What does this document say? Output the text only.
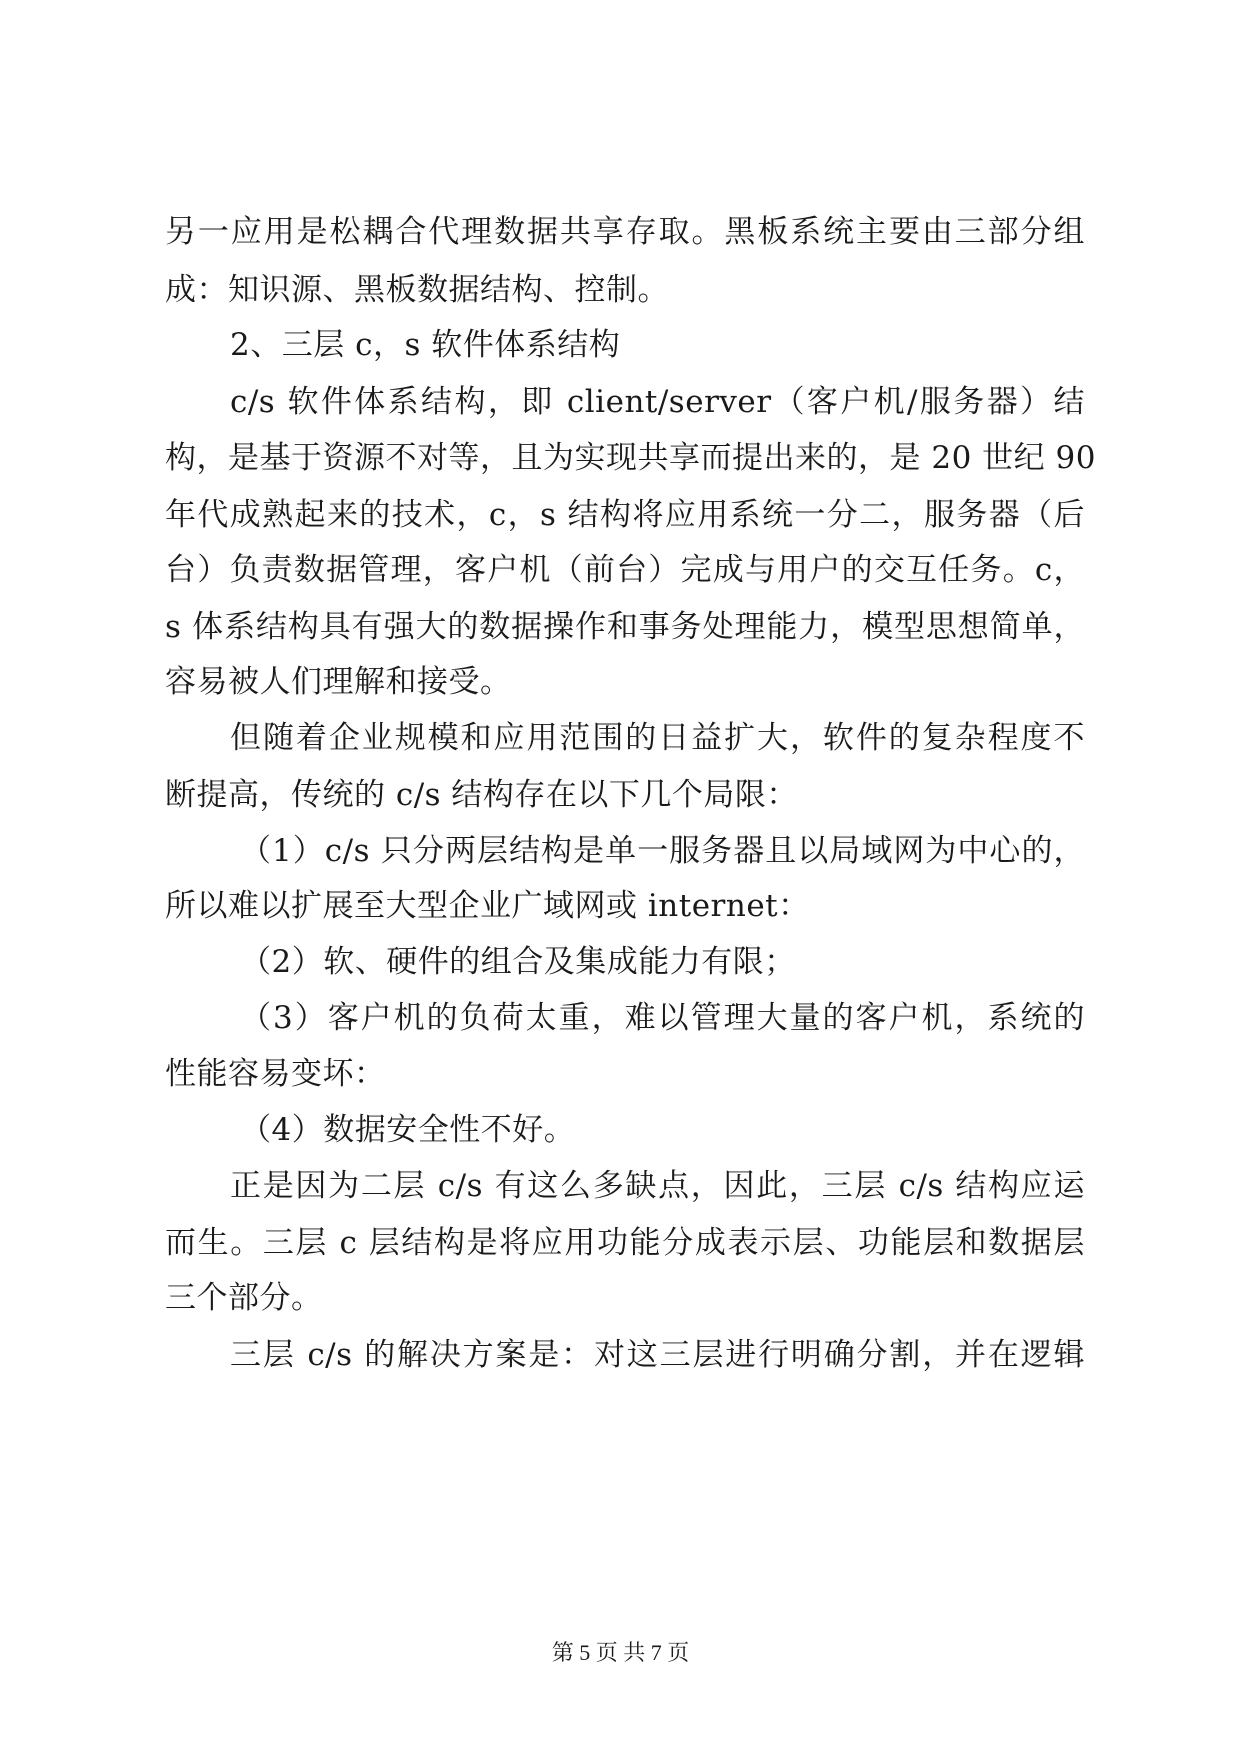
另一应用是松耦合代理数据共享存取。黑板系统主要由三部分组
成：知识源、黑板数据结构、控制。
2、三层 c，s 软件体系结构
c/s 软件体系结构，即 client/server（客户机/服务器）结
构，是基于资源不对等，且为实现共享而提出来的，是 20 世纪 90
年代成熟起来的技术，c，s 结构将应用系统一分二，服务器（后
台）负责数据管理，客户机（前台）完成与用户的交互任务。c，
s 体系结构具有强大的数据操作和事务处理能力，模型思想简单，
容易被人们理解和接受。
但随着企业规模和应用范围的日益扩大，软件的复杂程度不
断提高，传统的 c/s 结构存在以下几个局限：
（1）c/s 只分两层结构是单一服务器且以局域网为中心的，
所以难以扩展至大型企业广域网或 internet：
（2）软、硬件的组合及集成能力有限；
（3）客户机的负荷太重，难以管理大量的客户机，系统的
性能容易变坏：
（4）数据安全性不好。
正是因为二层 c/s 有这么多缺点，因此，三层 c/s 结构应运
而生。三层 c 层结构是将应用功能分成表示层、功能层和数据层
三个部分。
三层 c/s 的解决方案是：对这三层进行明确分割，并在逻辑
第 5 页 共 7 页
